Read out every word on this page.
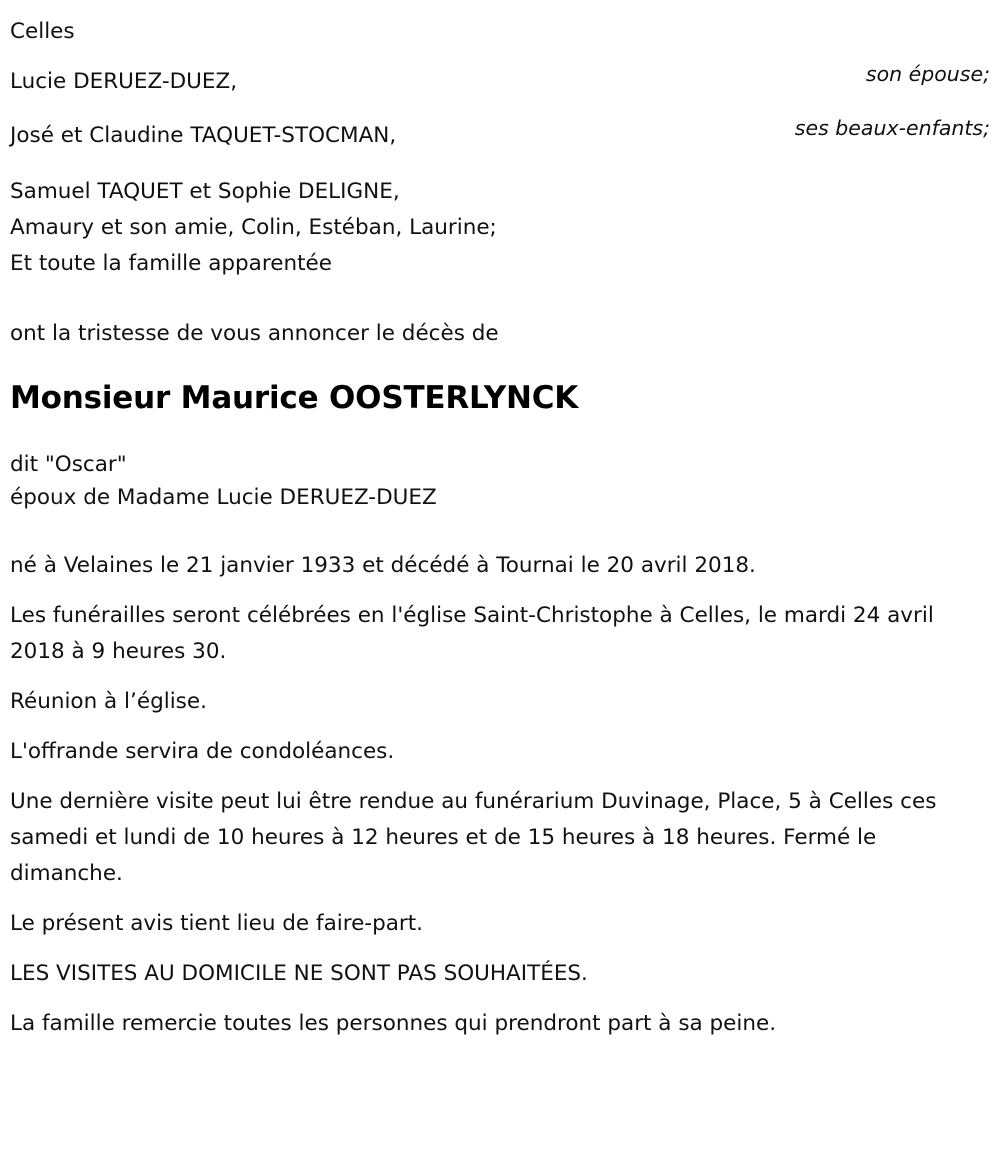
Celles
Lucie DERUEZ-DUEZ,	son épouse;
José et Claudine TAQUET-STOCMAN,	ses beaux-enfants;
Samuel TAQUET et Sophie DELIGNE,
Amaury et son amie, Colin, Estéban, Laurine;
Et toute la famille apparentée
ont la tristesse de vous annoncer le décès de
Monsieur Maurice OOSTERLYNCK
dit "Oscar"
époux de Madame Lucie DERUEZ-DUEZ

né à Velaines le 21 janvier 1933 et décédé à Tournai le 20 avril 2018.

Les funérailles seront célébrées en l'église Saint-Christophe à Celles, le mardi 24 avril 2018 à 9 heures 30.

Réunion à l’église.

L'offrande servira de condoléances.

Une dernière visite peut lui être rendue au funérarium Duvinage, Place, 5 à Celles ces samedi et lundi de 10 heures à 12 heures et de 15 heures à 18 heures. Fermé le dimanche.

Le présent avis tient lieu de faire-part.

LES VISITES AU DOMICILE NE SONT PAS SOUHAITÉES.

La famille remercie toutes les personnes qui prendront part à sa peine.
